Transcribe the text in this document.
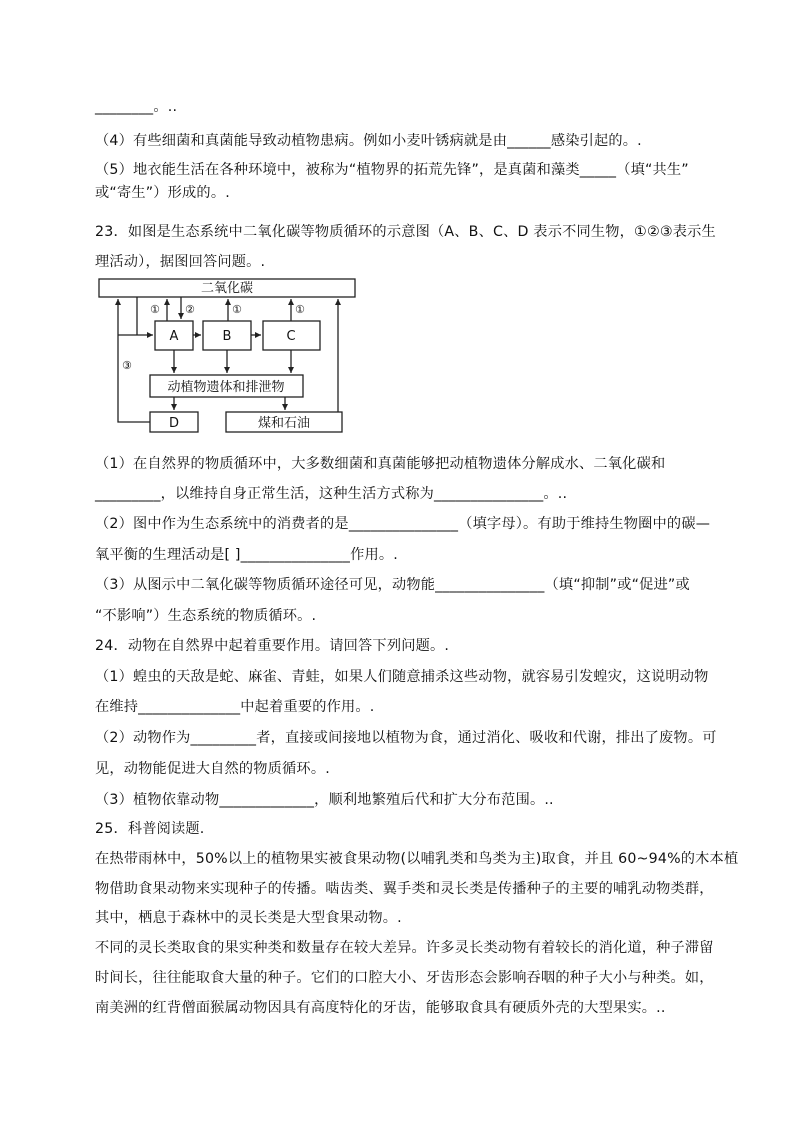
________。..
（4）有些细菌和真菌能导致动植物患病。例如小麦叶锈病就是由______感染引起的。.
（5）地衣能生活在各种环境中，被称为“植物界的拓荒先锋”，是真菌和藻类_____（填“共生”
或“寄生”）形成的。.
23．如图是生态系统中二氧化碳等物质循环的示意图（A、B、C、D 表示不同生物，①②③表示生
理活动），据图回答问题。.
二氧化碳
A	B	C
动植物遗体和排泄物
D	煤和石油
① ②	①	①
③
（1）在自然界的物质循环中，大多数细菌和真菌能够把动植物遗体分解成水、二氧化碳和
_________，以维持自身正常生活，这种生活方式称为_______________。..
（2）图中作为生态系统中的消费者的是_______________（填字母）。有助于维持生物圈中的碳—
氧平衡的生理活动是[ ]_______________作用。.
（3）从图示中二氧化碳等物质循环途径可见，动物能_______________（填“抑制”或“促进”或
“不影响”）生态系统的物质循环。.
24．动物在自然界中起着重要作用。请回答下列问题。.
（1）蝗虫的天敌是蛇、麻雀、青蛙，如果人们随意捕杀这些动物，就容易引发蝗灾，这说明动物
在维持______________中起着重要的作用。.
（2）动物作为_________者，直接或间接地以植物为食，通过消化、吸收和代谢，排出了废物。可
见，动物能促进大自然的物质循环。.
（3）植物依靠动物_____________，顺利地繁殖后代和扩大分布范围。..
25．科普阅读题.
在热带雨林中，50%以上的植物果实被食果动物(以哺乳类和鸟类为主)取食，并且 60~94%的木本植
物借助食果动物来实现种子的传播。啮齿类、翼手类和灵长类是传播种子的主要的哺乳动物类群，
其中，栖息于森林中的灵长类是大型食果动物。.
不同的灵长类取食的果实种类和数量存在较大差异。许多灵长类动物有着较长的消化道，种子滞留
时间长，往往能取食大量的种子。它们的口腔大小、牙齿形态会影响吞咽的种子大小与种类。如，
南美洲的红背僧面猴属动物因具有高度特化的牙齿，能够取食具有硬质外壳的大型果实。..
